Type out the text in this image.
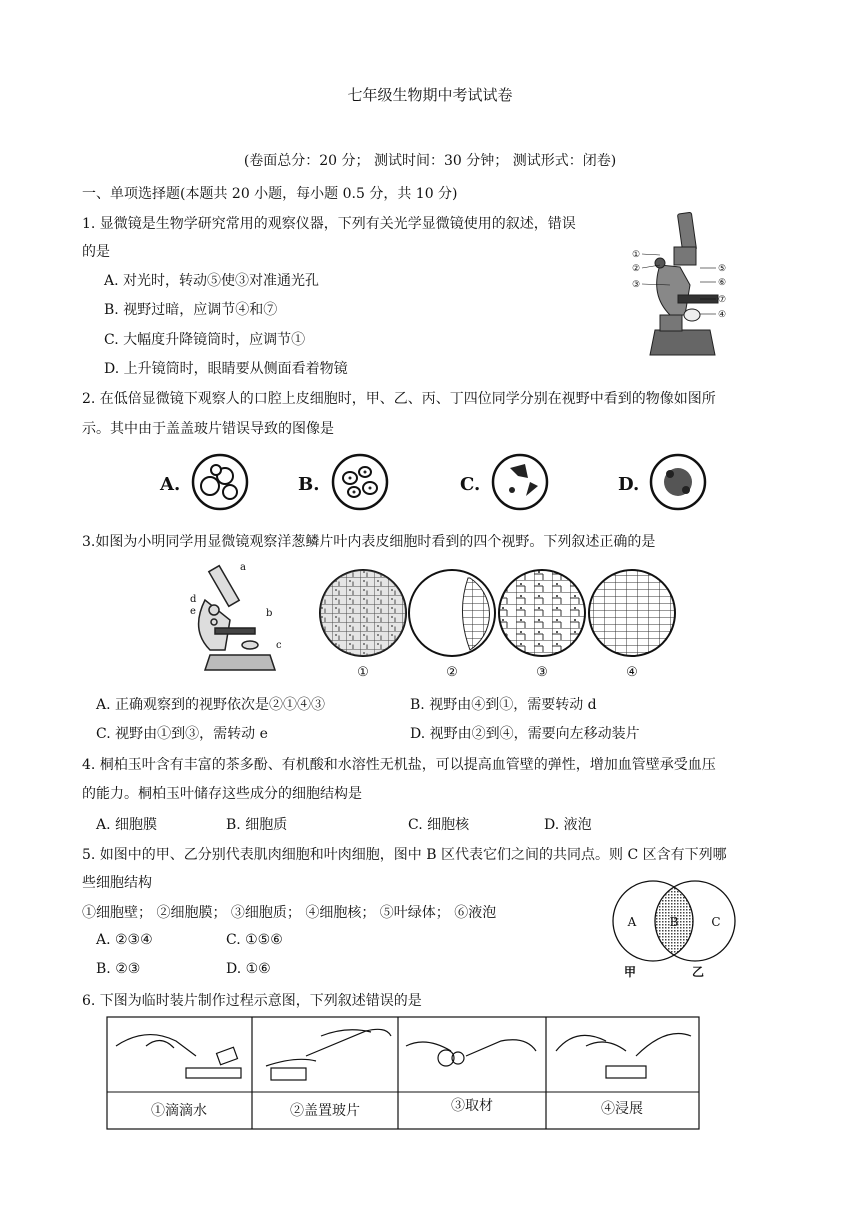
七年级生物期中考试试卷
(卷面总分：20 分； 测试时间：30 分钟； 测试形式：闭卷)
一、单项选择题(本题共 20 小题，每小题 0.5 分，共 10 分)
1. 显微镜是生物学研究常用的观察仪器，下列有关光学显微镜使用的叙述，错误
的是
A. 对光时，转动⑤使③对准通光孔
B. 视野过暗，应调节④和⑦
C. 大幅度升降镜筒时，应调节①
D. 上升镜筒时，眼睛要从侧面看着物镜
①
②
③
④
⑤
⑥
⑦
2. 在低倍显微镜下观察人的口腔上皮细胞时，甲、乙、丙、丁四位同学分别在视野中看到的物像如图所
示。其中由于盖盖玻片错误导致的图像是
A.	B.	C.	D.
3.如图为小明同学用显微镜观察洋葱鳞片叶内表皮细胞时看到的四个视野。下列叙述正确的是
a
d
e	b
c
①	②	③	④
A. 正确观察到的视野依次是②①④③	B. 视野由④到①，需要转动 d
C. 视野由①到③，需转动 e	D. 视野由②到④，需要向左移动装片
4. 桐柏玉叶含有丰富的茶多酚、有机酸和水溶性无机盐，可以提高血管壁的弹性，增加血管壁承受血压
的能力。桐柏玉叶储存这些成分的细胞结构是
A. 细胞膜	B. 细胞质	C. 细胞核	D. 液泡
5. 如图中的甲、乙分别代表肌肉细胞和叶肉细胞，图中 B 区代表它们之间的共同点。则 C 区含有下列哪
些细胞结构
①细胞壁； ②细胞膜； ③细胞质； ④细胞核； ⑤叶绿体； ⑥液泡
A. ②③④	C. ①⑤⑥
B. ②③	D. ①⑥
A	B	C
甲	乙
6. 下图为临时装片制作过程示意图，下列叙述错误的是
①滴滴水	②盖置玻片	③取材	④浸展
